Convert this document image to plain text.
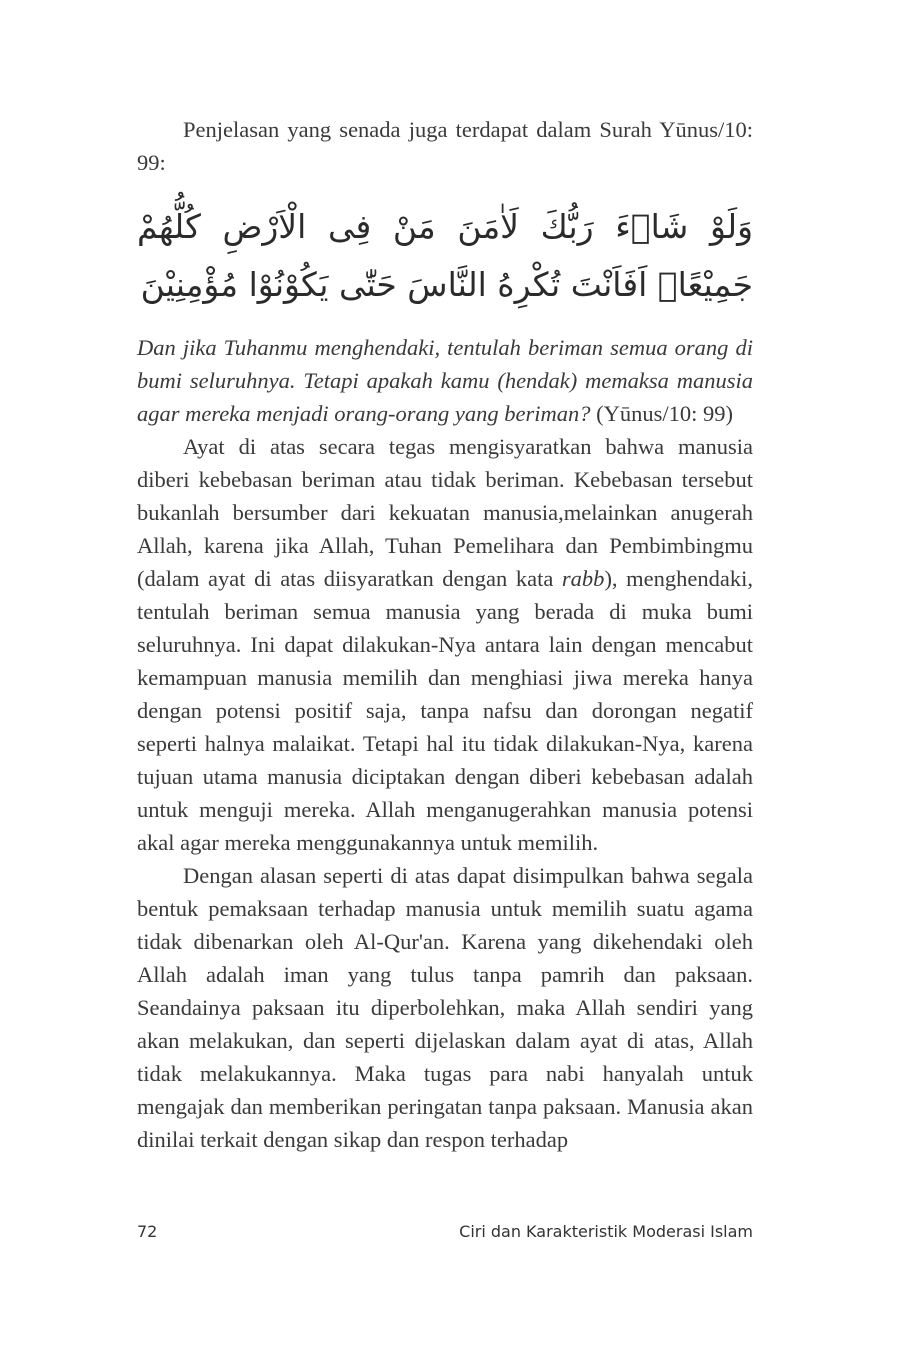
Penjelasan yang senada juga terdapat dalam Surah Yūnus/10: 99:

وَلَوْ شَاۤءَ رَبُّكَ لَاٰمَنَ مَنْ فِى الْاَرْضِ كُلُّهُمْ جَمِيْعًاۗ اَفَاَنْتَ تُكْرِهُ النَّاسَ حَتّٰى يَكُوْنُوْا مُؤْمِنِيْنَ

Dan jika Tuhanmu menghendaki, tentulah beriman semua orang di bumi seluruhnya. Tetapi apakah kamu (hendak) memaksa manusia agar mereka menjadi orang-orang yang beriman? (Yūnus/10: 99)

Ayat di atas secara tegas mengisyaratkan bahwa manusia diberi kebebasan beriman atau tidak beriman. Kebebasan tersebut bukanlah bersumber dari kekuatan manusia,melainkan anugerah Allah, karena jika Allah, Tuhan Pemelihara dan Pembimbingmu (dalam ayat di atas diisyaratkan dengan kata rabb), menghendaki, tentulah beriman semua manusia yang berada di muka bumi seluruhnya. Ini dapat dilakukan-Nya antara lain dengan mencabut kemampuan manusia memilih dan menghiasi jiwa mereka hanya dengan potensi positif saja, tanpa nafsu dan dorongan negatif seperti halnya malaikat. Tetapi hal itu tidak dilakukan-Nya, karena tujuan utama manusia diciptakan dengan diberi kebebasan adalah untuk menguji mereka. Allah menganugerahkan manusia potensi akal agar mereka menggunakannya untuk memilih.

Dengan alasan seperti di atas dapat disimpulkan bahwa segala bentuk pemaksaan terhadap manusia untuk memilih suatu agama tidak dibenarkan oleh Al-Qur'an. Karena yang dikehendaki oleh Allah adalah iman yang tulus tanpa pamrih dan paksaan. Seandainya paksaan itu diperbolehkan, maka Allah sendiri yang akan melakukan, dan seperti dijelaskan dalam ayat di atas, Allah tidak melakukannya. Maka tugas para nabi hanyalah untuk mengajak dan memberikan peringatan tanpa paksaan. Manusia akan dinilai terkait dengan sikap dan respon terhadap

72	Ciri dan Karakteristik Moderasi Islam
